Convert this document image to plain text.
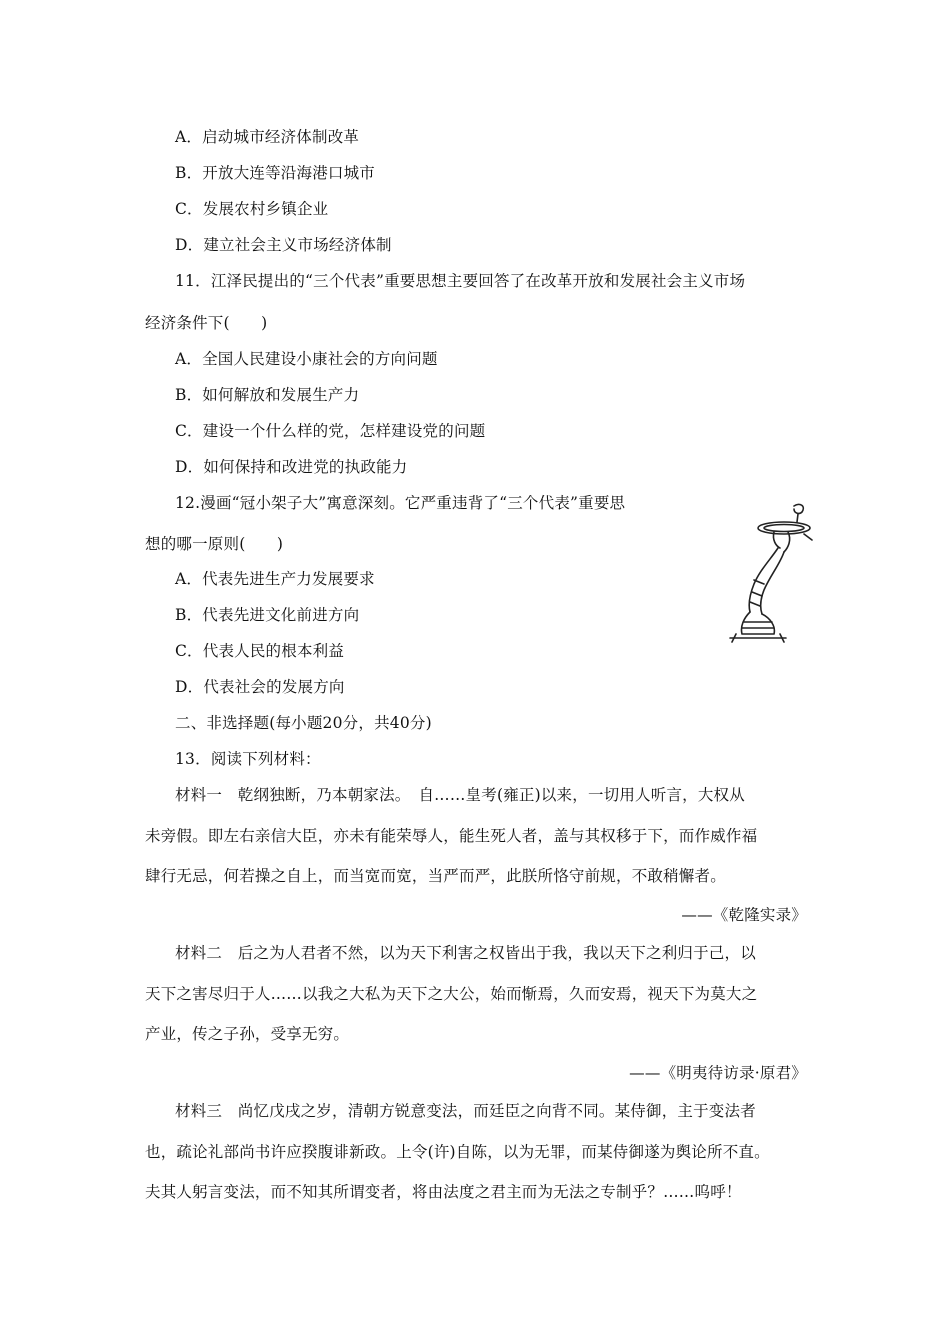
A．启动城市经济体制改革
B．开放大连等沿海港口城市
C．发展农村乡镇企业
D．建立社会主义市场经济体制
11．江泽民提出的“三个代表”重要思想主要回答了在改革开放和发展社会主义市场
经济条件下(　　)
A．全国人民建设小康社会的方向问题
B．如何解放和发展生产力
C．建设一个什么样的党，怎样建设党的问题
D．如何保持和改进党的执政能力
12.漫画“冠小架子大”寓意深刻。它严重违背了“三个代表”重要思
想的哪一原则(　　)
A．代表先进生产力发展要求
B．代表先进文化前进方向
C．代表人民的根本利益
D．代表社会的发展方向
二、非选择题(每小题20分，共40分)
13．阅读下列材料：
材料一　乾纲独断，乃本朝家法。　自……皇考(雍正)以来，一切用人听言，大权从
未旁假。即左右亲信大臣，亦未有能荣辱人，能生死人者，盖与其权移于下，而作威作福
肆行无忌，何若操之自上，而当宽而宽，当严而严，此朕所恪守前规，不敢稍懈者。
——《乾隆实录》
材料二　后之为人君者不然，以为天下利害之权皆出于我，我以天下之利归于己，以
天下之害尽归于人……以我之大私为天下之大公，始而惭焉，久而安焉，视天下为莫大之
产业，传之子孙，受享无穷。
——《明夷待访录·原君》
材料三　尚忆戊戌之岁，清朝方锐意变法，而廷臣之向背不同。某侍御，主于变法者
也，疏论礼部尚书许应揆腹诽新政。上令(许)自陈，以为无罪，而某侍御遂为舆论所不直。
夫其人躬言变法，而不知其所谓变者，将由法度之君主而为无法之专制乎？……呜呼！
